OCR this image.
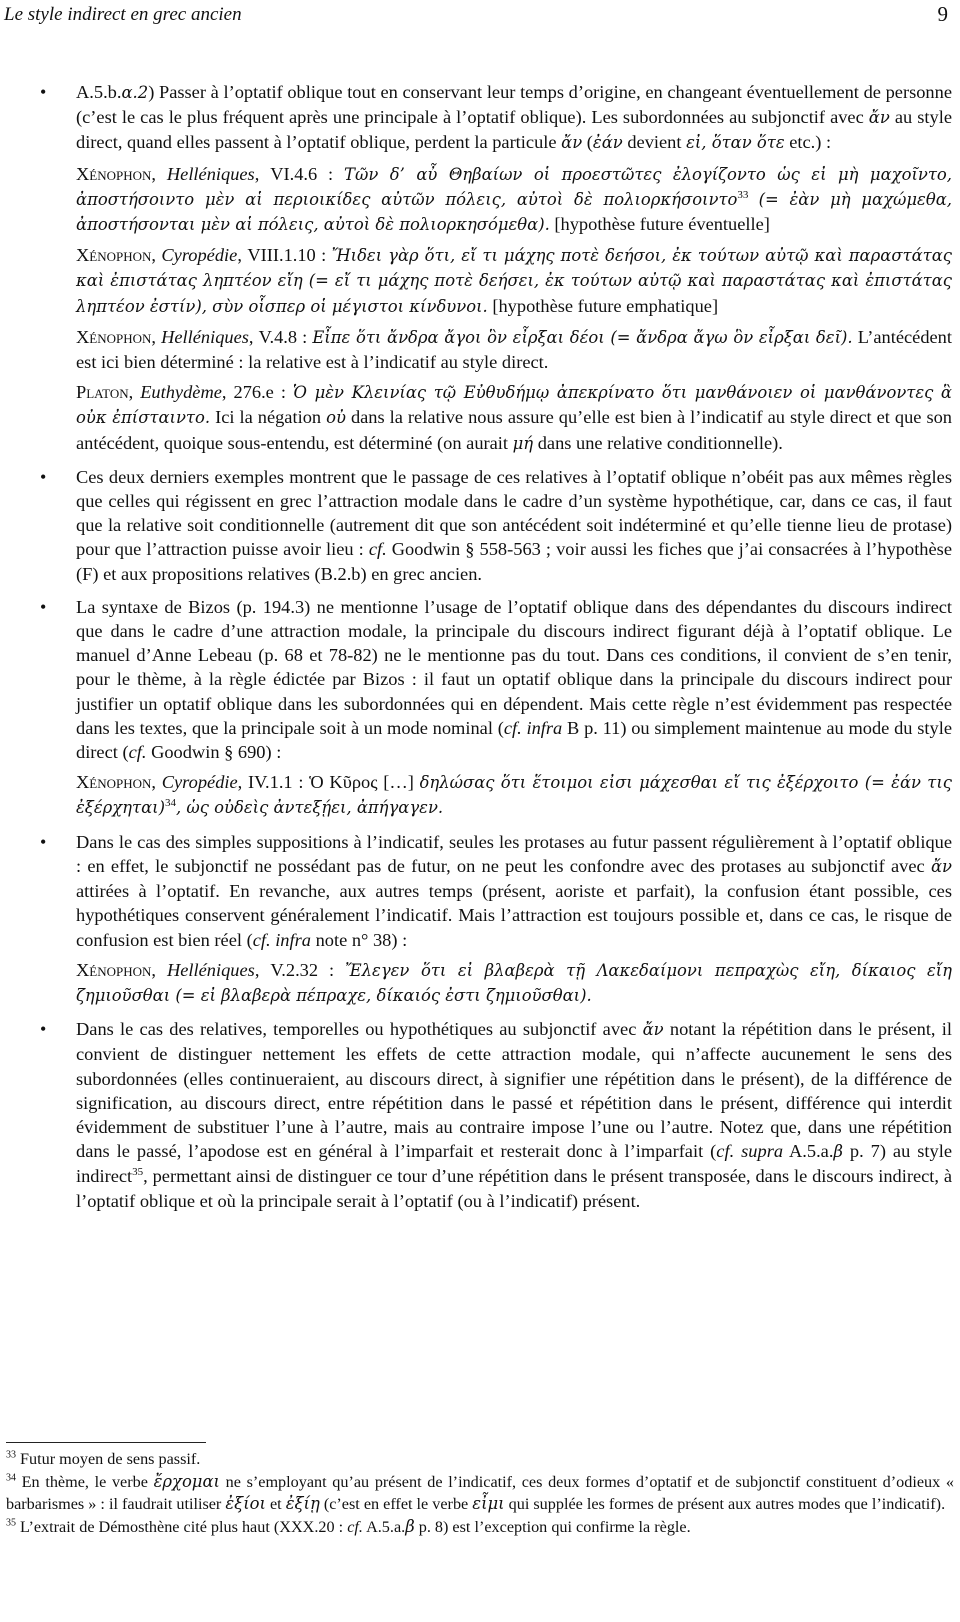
Le style indirect en grec ancien	9
• A.5.b.α.2) Passer à l’optatif oblique tout en conservant leur temps d’origine, en changeant éventuellement de personne (c’est le cas le plus fréquent après une principale à l’optatif oblique). Les subordonnées au subjonctif avec ἄν au style direct, quand elles passent à l’optatif oblique, perdent la particule ἄν (ἐάν devient εἰ, ὅταν ὅτε etc.) :
Xénophon, Helléniques, VI.4.6 : Τῶν δ’ αὖ Θηβαίων οἱ προεστῶτες ἐλογίζοντο ὡς εἰ μὴ μαχοῖντο, ἀποστήσοιντο μὲν αἱ περιοικίδες αὐτῶν πόλεις, αὐτοὶ δὲ πολιορκήσοιντο$^{33}$ (= ἐὰν μὴ μαχώμεθα, ἀποστήσονται μὲν αἱ πόλεις, αὐτοὶ δὲ πολιορκησόμεθα). [hypothèse future éventuelle]
Xénophon, Cyropédie, VIII.1.10 : Ἤιδει γὰρ ὅτι, εἴ τι μάχης ποτὲ δεήσοι, ἐκ τούτων αὐτῷ καὶ παραστάτας καὶ ἐπιστάτας ληπτέον εἴη (= εἴ τι μάχης ποτὲ δεήσει, ἐκ τούτων αὐτῷ καὶ παραστάτας καὶ ἐπιστάτας ληπτέον ἐστίν), σὺν οἷσπερ οἱ μέγιστοι κίνδυνοι. [hypothèse future emphatique]
Xénophon, Helléniques, V.4.8 : Εἶπε ὅτι ἄνδρα ἄγοι ὃν εἶρξαι δέοι (= ἄνδρα ἄγω ὃν εἶρξαι δεῖ). L’antécédent est ici bien déterminé : la relative est à l’indicatif au style direct.
Platon, Euthydème, 276.e : Ὁ μὲν Κλεινίας τῷ Εὐθυδήμῳ ἀπεκρίνατο ὅτι μανθάνοιεν οἱ μανθάνοντες ἃ οὐκ ἐπίσταιντο. Ici la négation οὐ dans la relative nous assure qu’elle est bien à l’indicatif au style direct et que son antécédent, quoique sous-entendu, est déterminé (on aurait μή dans une relative conditionnelle).
• Ces deux derniers exemples montrent que le passage de ces relatives à l’optatif oblique n’obéit pas aux mêmes règles que celles qui régissent en grec l’attraction modale dans le cadre d’un système hypothétique, car, dans ce cas, il faut que la relative soit conditionnelle (autrement dit que son antécédent soit indéterminé et qu’elle tienne lieu de protase) pour que l’attraction puisse avoir lieu : cf. Goodwin § 558-563 ; voir aussi les fiches que j’ai consacrées à l’hypothèse (F) et aux propositions relatives (B.2.b) en grec ancien.
• La syntaxe de Bizos (p. 194.3) ne mentionne l’usage de l’optatif oblique dans des dépendantes du discours indirect que dans le cadre d’une attraction modale, la principale du discours indirect figurant déjà à l’optatif oblique. Le manuel d’Anne Lebeau (p. 68 et 78-82) ne le mentionne pas du tout. Dans ces conditions, il convient de s’en tenir, pour le thème, à la règle édictée par Bizos : il faut un optatif oblique dans la principale du discours indirect pour justifier un optatif oblique dans les subordonnées qui en dépendent. Mais cette règle n’est évidemment pas respectée dans les textes, que la principale soit à un mode nominal (cf. infra B p. 11) ou simplement maintenue au mode du style direct (cf. Goodwin § 690) :
Xénophon, Cyropédie, IV.1.1 : Ὁ Κῦρος […] δηλώσας ὅτι ἕτοιμοι εἰσι μάχεσθαι εἴ τις ἐξέρχοιτο (= ἐάν τις ἐξέρχηται)$^{34}$, ὡς οὐδεὶς ἀντεξῄει, ἀπήγαγεν.
• Dans le cas des simples suppositions à l’indicatif, seules les protases au futur passent régulièrement à l’optatif oblique : en effet, le subjonctif ne possédant pas de futur, on ne peut les confondre avec des protases au subjonctif avec ἄν attirées à l’optatif. En revanche, aux autres temps (présent, aoriste et parfait), la confusion étant possible, ces hypothétiques conservent généralement l’indicatif. Mais l’attraction est toujours possible et, dans ce cas, le risque de confusion est bien réel (cf. infra note n° 38) :
Xénophon, Helléniques, V.2.32 : Ἔλεγεν ὅτι εἰ βλαβερὰ τῇ Λακεδαίμονι πεπραχὼς εἴη, δίκαιος εἴη ζημιοῦσθαι (= εἰ βλαβερὰ πέπραχε, δίκαιός ἐστι ζημιοῦσθαι).
• Dans le cas des relatives, temporelles ou hypothétiques au subjonctif avec ἄν notant la répétition dans le présent, il convient de distinguer nettement les effets de cette attraction modale, qui n’affecte aucunement le sens des subordonnées (elles continueraient, au discours direct, à signifier une répétition dans le présent), de la différence de signification, au discours direct, entre répétition dans le passé et répétition dans le présent, différence qui interdit évidemment de substituer l’une à l’autre, mais au contraire impose l’une ou l’autre. Notez que, dans une répétition dans le passé, l’apodose est en général à l’imparfait et resterait donc à l’imparfait (cf. supra A.5.a.β p. 7) au style indirect$^{35}$, permettant ainsi de distinguer ce tour d’une répétition dans le présent transposée, dans le discours indirect, à l’optatif oblique et où la principale serait à l’optatif (ou à l’indicatif) présent.

$^{33}$ Futur moyen de sens passif.

$^{34}$ En thème, le verbe ἔρχομαι ne s’employant qu’au présent de l’indicatif, ces deux formes d’optatif et de subjonctif constituent d’odieux « barbarismes » : il faudrait utiliser ἐξίοι et ἐξίῃ (c’est en effet le verbe εἶμι qui supplée les formes de présent aux autres modes que l’indicatif).

$^{35}$ L’extrait de Démosthène cité plus haut (XXX.20 : cf. A.5.a.β p. 8) est l’exception qui confirme la règle.
